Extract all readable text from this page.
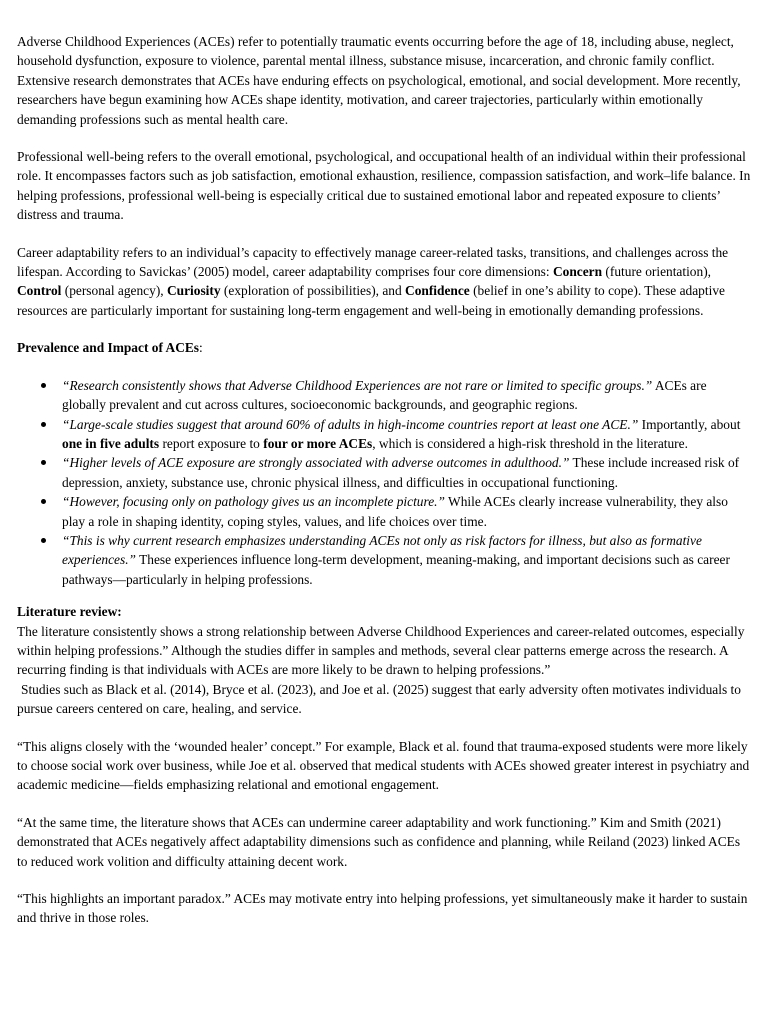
Adverse Childhood Experiences (ACEs) refer to potentially traumatic events occurring before the age of 18, including abuse, neglect, household dysfunction, exposure to violence, parental mental illness, substance misuse, incarceration, and chronic family conflict. Extensive research demonstrates that ACEs have enduring effects on psychological, emotional, and social development. More recently, researchers have begun examining how ACEs shape identity, motivation, and career trajectories, particularly within emotionally demanding professions such as mental health care.

Professional well-being refers to the overall emotional, psychological, and occupational health of an individual within their professional role. It encompasses factors such as job satisfaction, emotional exhaustion, resilience, compassion satisfaction, and work–life balance. In helping professions, professional well-being is especially critical due to sustained emotional labor and repeated exposure to clients’ distress and trauma.

Career adaptability refers to an individual’s capacity to effectively manage career-related tasks, transitions, and challenges across the lifespan. According to Savickas’ (2005) model, career adaptability comprises four core dimensions: Concern (future orientation), Control (personal agency), Curiosity (exploration of possibilities), and Confidence (belief in one’s ability to cope). These adaptive resources are particularly important for sustaining long-term engagement and well-being in emotionally demanding professions.

Prevalence and Impact of ACEs:

“Research consistently shows that Adverse Childhood Experiences are not rare or limited to specific groups.” ACEs are globally prevalent and cut across cultures, socioeconomic backgrounds, and geographic regions.
“Large-scale studies suggest that around 60% of adults in high-income countries report at least one ACE.” Importantly, about one in five adults report exposure to four or more ACEs, which is considered a high-risk threshold in the literature.
“Higher levels of ACE exposure are strongly associated with adverse outcomes in adulthood.” These include increased risk of depression, anxiety, substance use, chronic physical illness, and difficulties in occupational functioning.
“However, focusing only on pathology gives us an incomplete picture.” While ACEs clearly increase vulnerability, they also play a role in shaping identity, coping styles, values, and life choices over time.
“This is why current research emphasizes understanding ACEs not only as risk factors for illness, but also as formative experiences.” These experiences influence long-term development, meaning-making, and important decisions such as career pathways—particularly in helping professions.

Literature review:

The literature consistently shows a strong relationship between Adverse Childhood Experiences and career-related outcomes, especially within helping professions.” Although the studies differ in samples and methods, several clear patterns emerge across the research. A recurring finding is that individuals with ACEs are more likely to be drawn to helping professions.”

Studies such as Black et al. (2014), Bryce et al. (2023), and Joe et al. (2025) suggest that early adversity often motivates individuals to pursue careers centered on care, healing, and service.

“This aligns closely with the ‘wounded healer’ concept.” For example, Black et al. found that trauma-exposed students were more likely to choose social work over business, while Joe et al. observed that medical students with ACEs showed greater interest in psychiatry and academic medicine—fields emphasizing relational and emotional engagement.

“At the same time, the literature shows that ACEs can undermine career adaptability and work functioning.” Kim and Smith (2021) demonstrated that ACEs negatively affect adaptability dimensions such as confidence and planning, while Reiland (2023) linked ACEs to reduced work volition and difficulty attaining decent work.

“This highlights an important paradox.” ACEs may motivate entry into helping professions, yet simultaneously make it harder to sustain and thrive in those roles.
